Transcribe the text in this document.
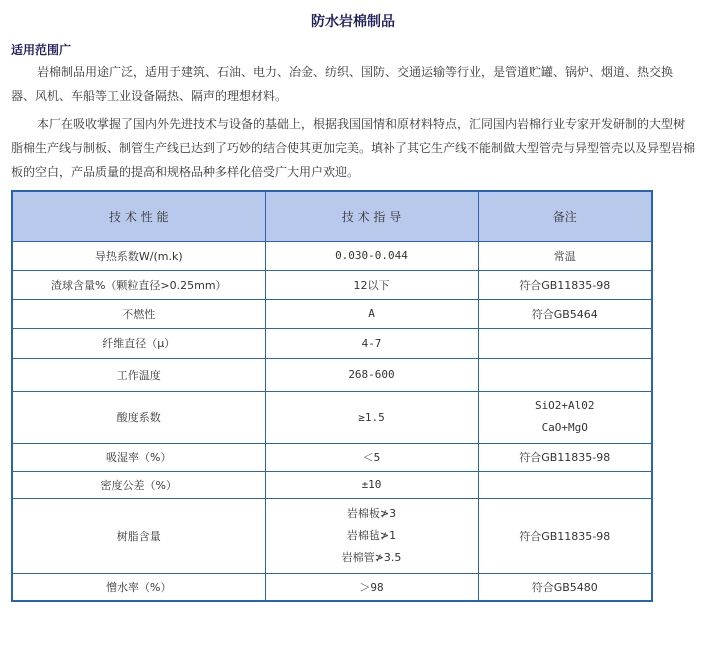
防水岩棉制品
适用范围广

岩棉制品用途广泛，适用于建筑、石油、电力、冶金、纺织、国防、交通运输等行业，是管道贮罐、锅炉、烟道、热交换器、风机、车船等工业设备隔热、隔声的理想材料。

本厂在吸收掌握了国内外先进技术与设备的基础上，根据我国国情和原材料特点，汇同国内岩棉行业专家开发研制的大型树脂棉生产线与制板、制管生产线已达到了巧妙的结合使其更加完美。填补了其它生产线不能制做大型管壳与异型管壳以及异型岩棉板的空白，产品质量的提高和规格品种多样化倍受广大用户欢迎。

技 术 性 能	技 术 指 导	备注

导热系数W/(m.k)	0.030-0.044	常温
渣球含量%（颗粒直径>0.25mm）	12以下	符合GB11835-98
不燃性	A	符合GB5464
纤维直径（μ）	4-7	
工作温度	268-600	
酸度系数	≥1.5	SiO2+Al02
CaO+MgO

吸湿率（%）	＜5	符合GB11835-98
密度公差（%）	±10	
树脂含量	岩棉板≯3
岩棉毡≯1
岩棉管≯3.5	符合GB11835-98
憎水率（%）	＞98	符合GB5480
